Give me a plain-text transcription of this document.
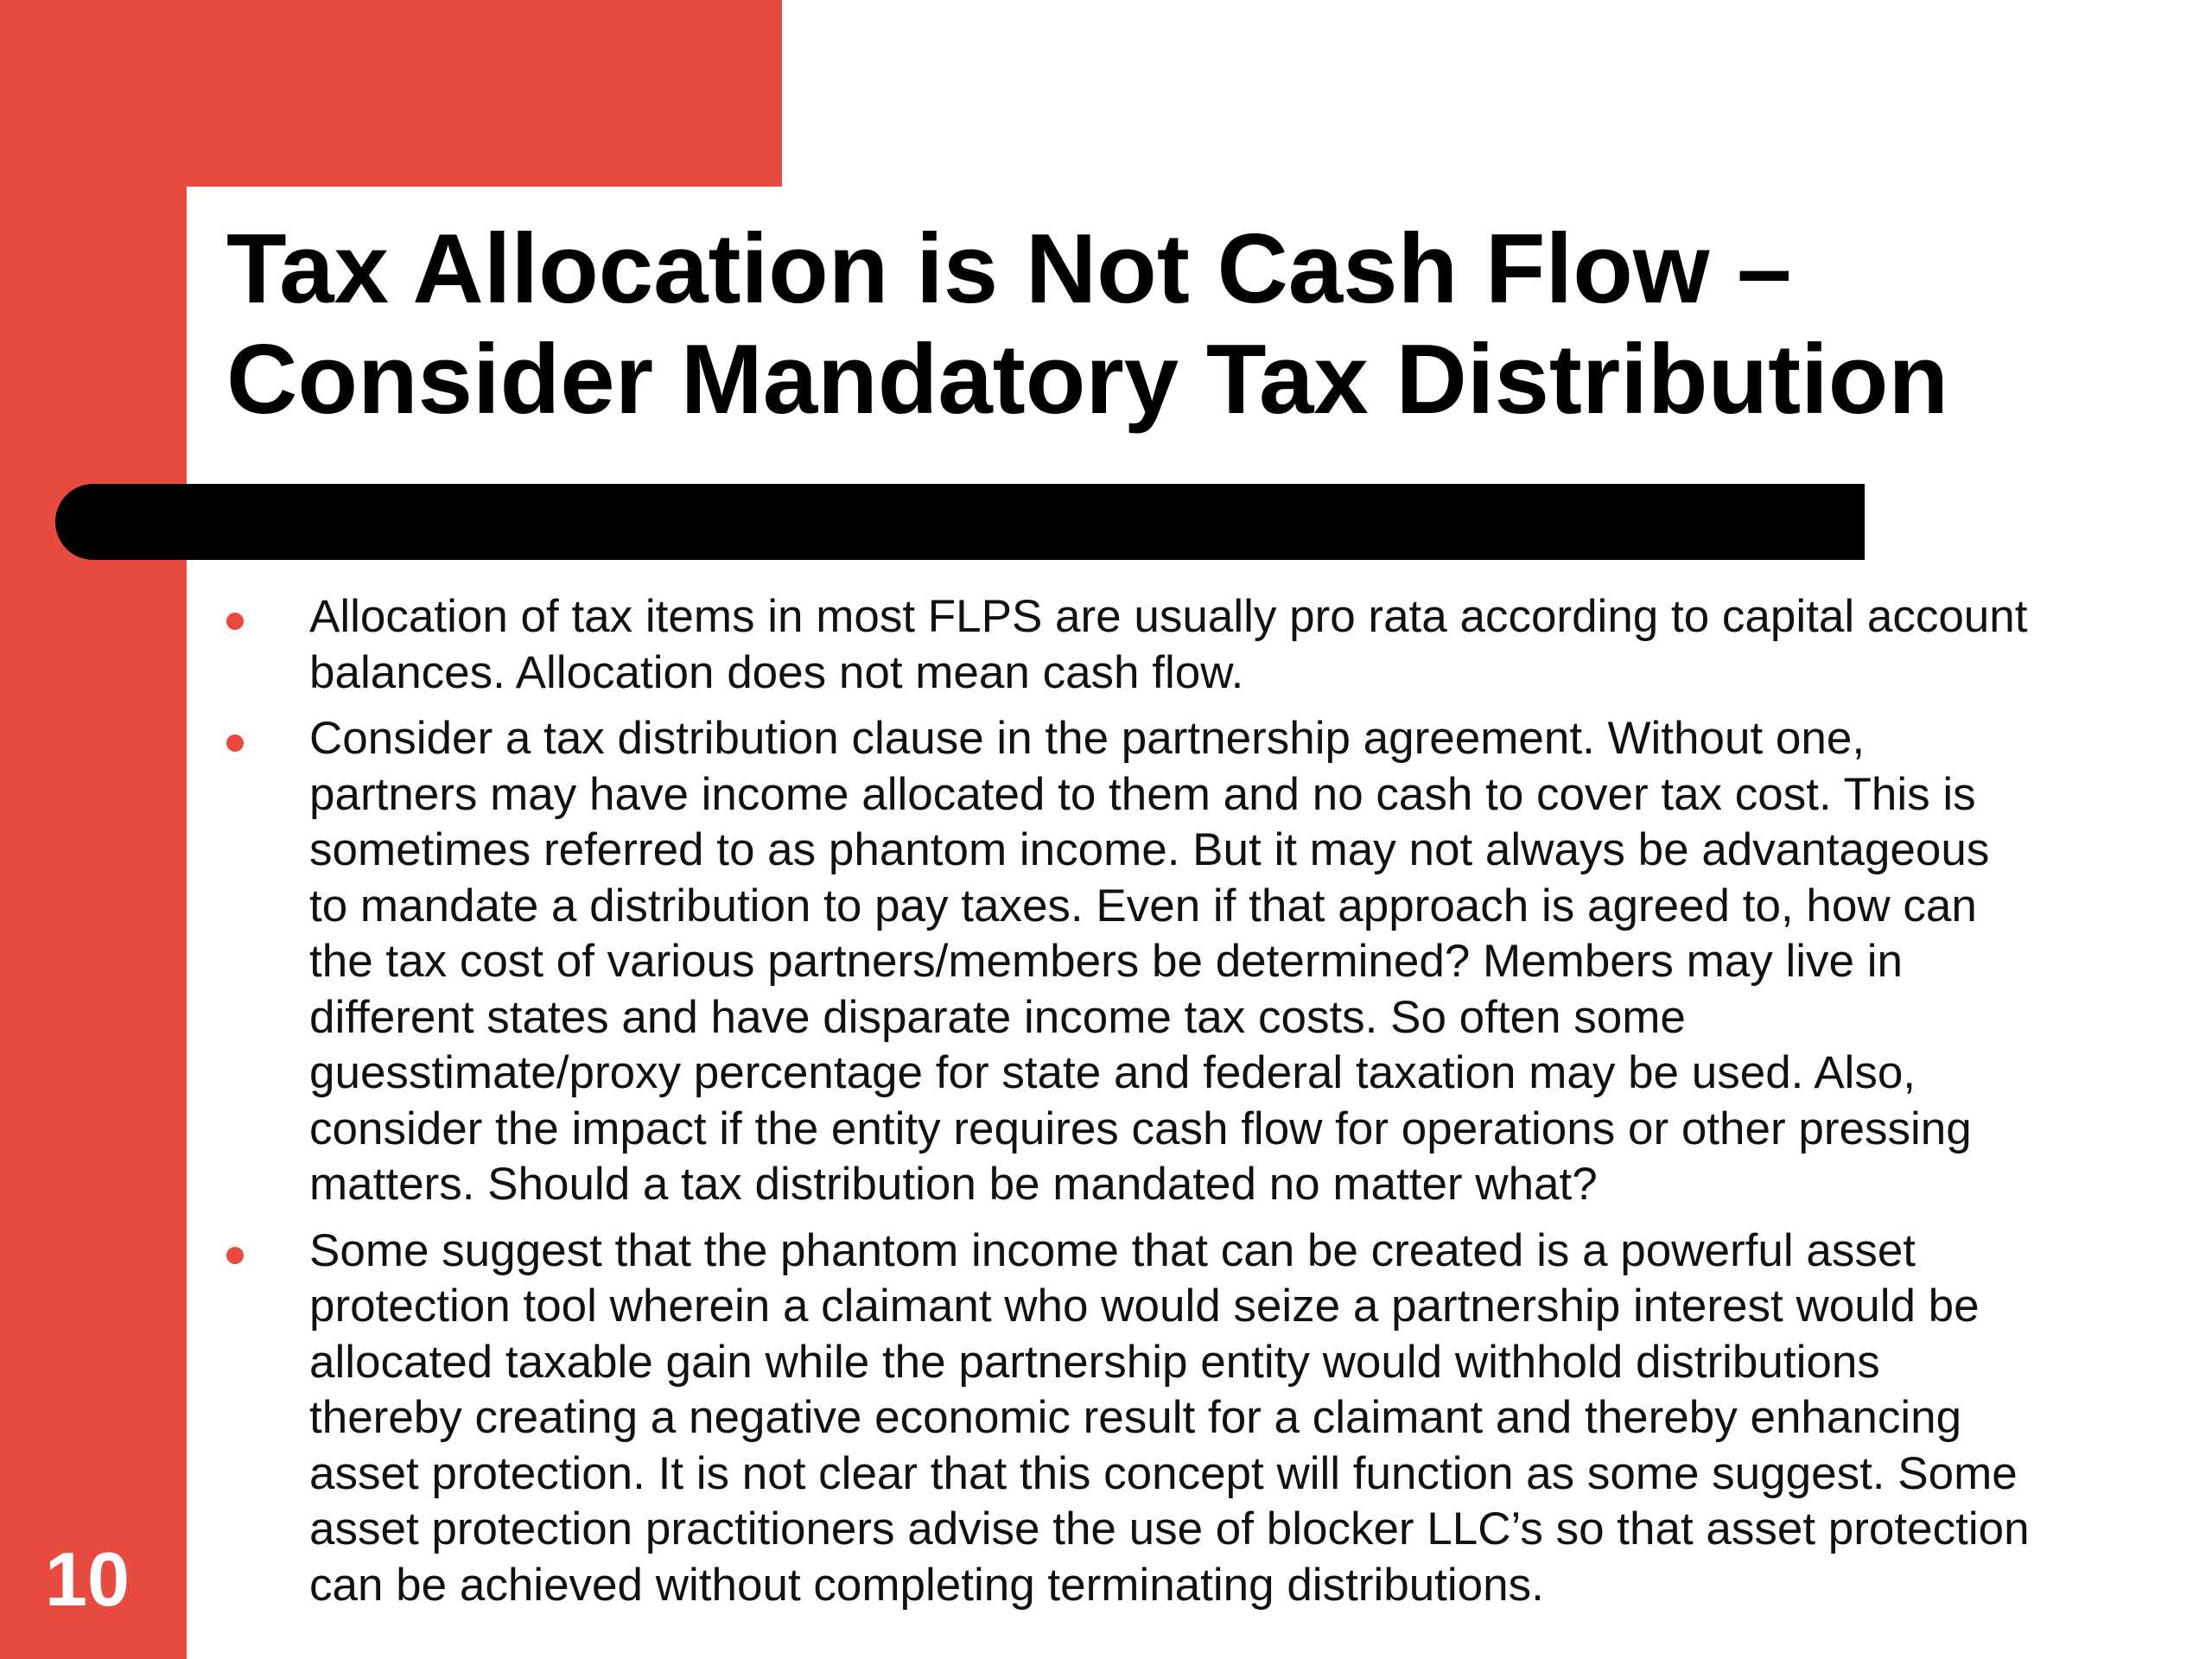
Tax Allocation is Not Cash Flow –
Consider Mandatory Tax Distribution
Allocation of tax items in most FLPS are usually pro rata according to capital account
balances. Allocation does not mean cash flow.
Consider a tax distribution clause in the partnership agreement. Without one,
partners may have income allocated to them and no cash to cover tax cost. This is
sometimes referred to as phantom income. But it may not always be advantageous
to mandate a distribution to pay taxes. Even if that approach is agreed to, how can
the tax cost of various partners/members be determined? Members may live in
different states and have disparate income tax costs. So often some
guesstimate/proxy percentage for state and federal taxation may be used. Also,
consider the impact if the entity requires cash flow for operations or other pressing
matters. Should a tax distribution be mandated no matter what?
Some suggest that the phantom income that can be created is a powerful asset
protection tool wherein a claimant who would seize a partnership interest would be
allocated taxable gain while the partnership entity would withhold distributions
thereby creating a negative economic result for a claimant and thereby enhancing
asset protection. It is not clear that this concept will function as some suggest. Some
asset protection practitioners advise the use of blocker LLC’s so that asset protection
can be achieved without completing terminating distributions.
10
